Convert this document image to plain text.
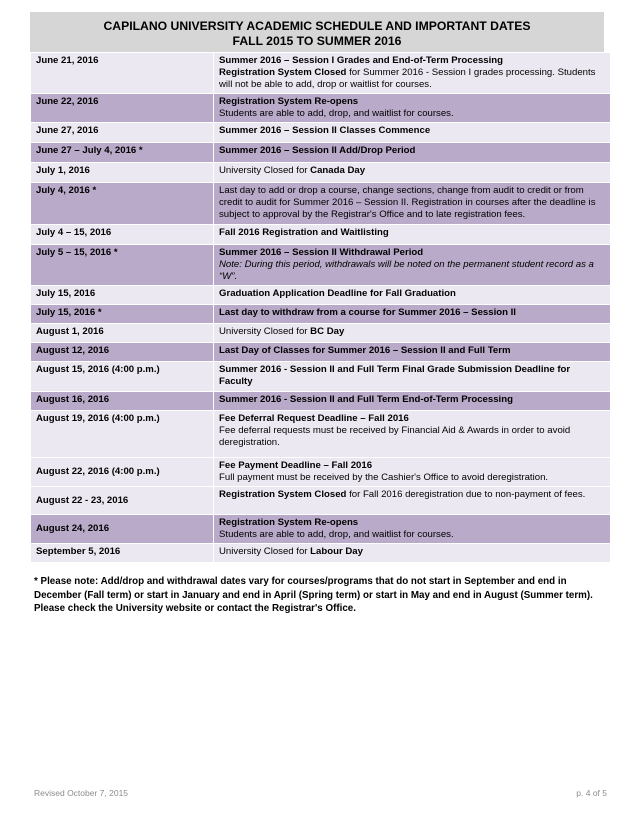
CAPILANO UNIVERSITY ACADEMIC SCHEDULE AND IMPORTANT DATES
FALL 2015 TO SUMMER 2016
June 21, 2016	Summer 2016 – Session I Grades and End-of-Term Processing
Registration System Closed for Summer 2016 - Session I grades processing. Students will not be able to add, drop or waitlist for courses.
June 22, 2016	Registration System Re-opens
Students are able to add, drop, and waitlist for courses.
June 27, 2016	Summer 2016 – Session II Classes Commence
June 27 – July 4, 2016 *	Summer 2016 – Session II Add/Drop Period
July 1, 2016	University Closed for Canada Day
July 4, 2016 *	Last day to add or drop a course, change sections, change from audit to credit or from credit to audit for Summer 2016 – Session II. Registration in courses after the deadline is subject to approval by the Registrar's Office and to late registration fees.
July 4 – 15, 2016	Fall 2016 Registration and Waitlisting
July 5 – 15, 2016 *	Summer 2016 – Session II Withdrawal Period
Note: During this period, withdrawals will be noted on the permanent student record as a “W”.
July 15, 2016	Graduation Application Deadline for Fall Graduation
July 15, 2016 *	Last day to withdraw from a course for Summer 2016 – Session II
August 1, 2016	University Closed for BC Day
August 12, 2016	Last Day of Classes for Summer 2016 – Session II and Full Term
August 15, 2016 (4:00 p.m.)	Summer 2016 - Session II and Full Term Final Grade Submission Deadline for Faculty
August 16, 2016	Summer 2016 - Session II and Full Term End-of-Term Processing
August 19, 2016 (4:00 p.m.)	Fee Deferral Request Deadline – Fall 2016
Fee deferral requests must be received by Financial Aid & Awards in order to avoid deregistration.
August 22, 2016 (4:00 p.m.)	Fee Payment Deadline – Fall 2016
Full payment must be received by the Cashier's Office to avoid deregistration.
August 22 - 23, 2016	Registration System Closed for Fall 2016 deregistration due to non-payment of fees.
August 24, 2016	Registration System Re-opens
Students are able to add, drop, and waitlist for courses.
September 5, 2016	University Closed for Labour Day
* Please note: Add/drop and withdrawal dates vary for courses/programs that do not start in September and end in December (Fall term) or start in January and end in April (Spring term) or start in May and end in August (Summer term). Please check the University website or contact the Registrar's Office.
Revised October 7, 2015	p. 4 of 5
